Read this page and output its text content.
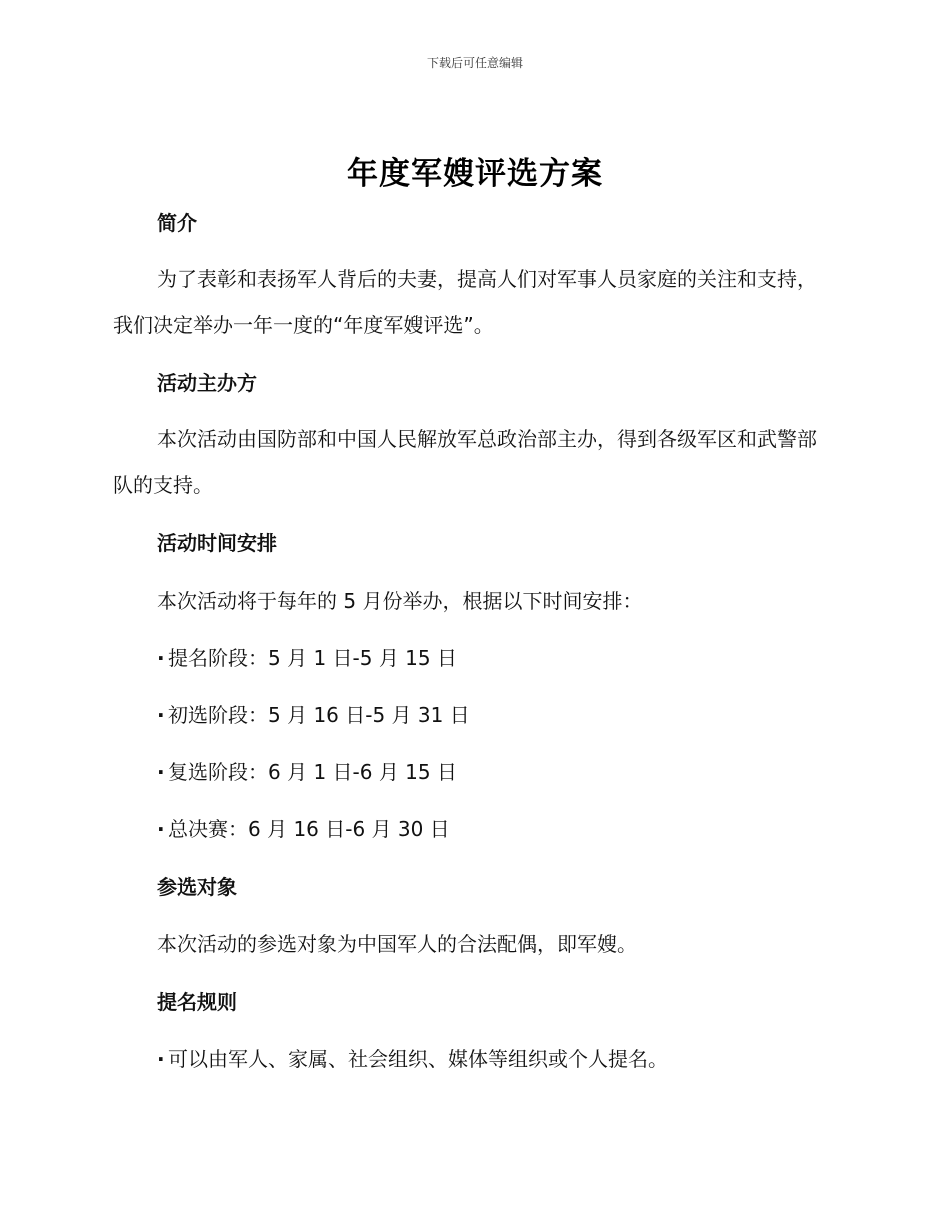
下载后可任意编辑
年度军嫂评选方案
简介

为了表彰和表扬军人背后的夫妻，提高人们对军事人员家庭的关注和支持，我们决定举办一年一度的“年度军嫂评选”。

活动主办方

本次活动由国防部和中国人民解放军总政治部主办，得到各级军区和武警部队的支持。

活动时间安排

本次活动将于每年的 5 月份举办，根据以下时间安排：

· 提名阶段：5 月 1 日-5 月 15 日

· 初选阶段：5 月 16 日-5 月 31 日

· 复选阶段：6 月 1 日-6 月 15 日

· 总决赛：6 月 16 日-6 月 30 日

参选对象

本次活动的参选对象为中国军人的合法配偶，即军嫂。

提名规则

· 可以由军人、家属、社会组织、媒体等组织或个人提名。
